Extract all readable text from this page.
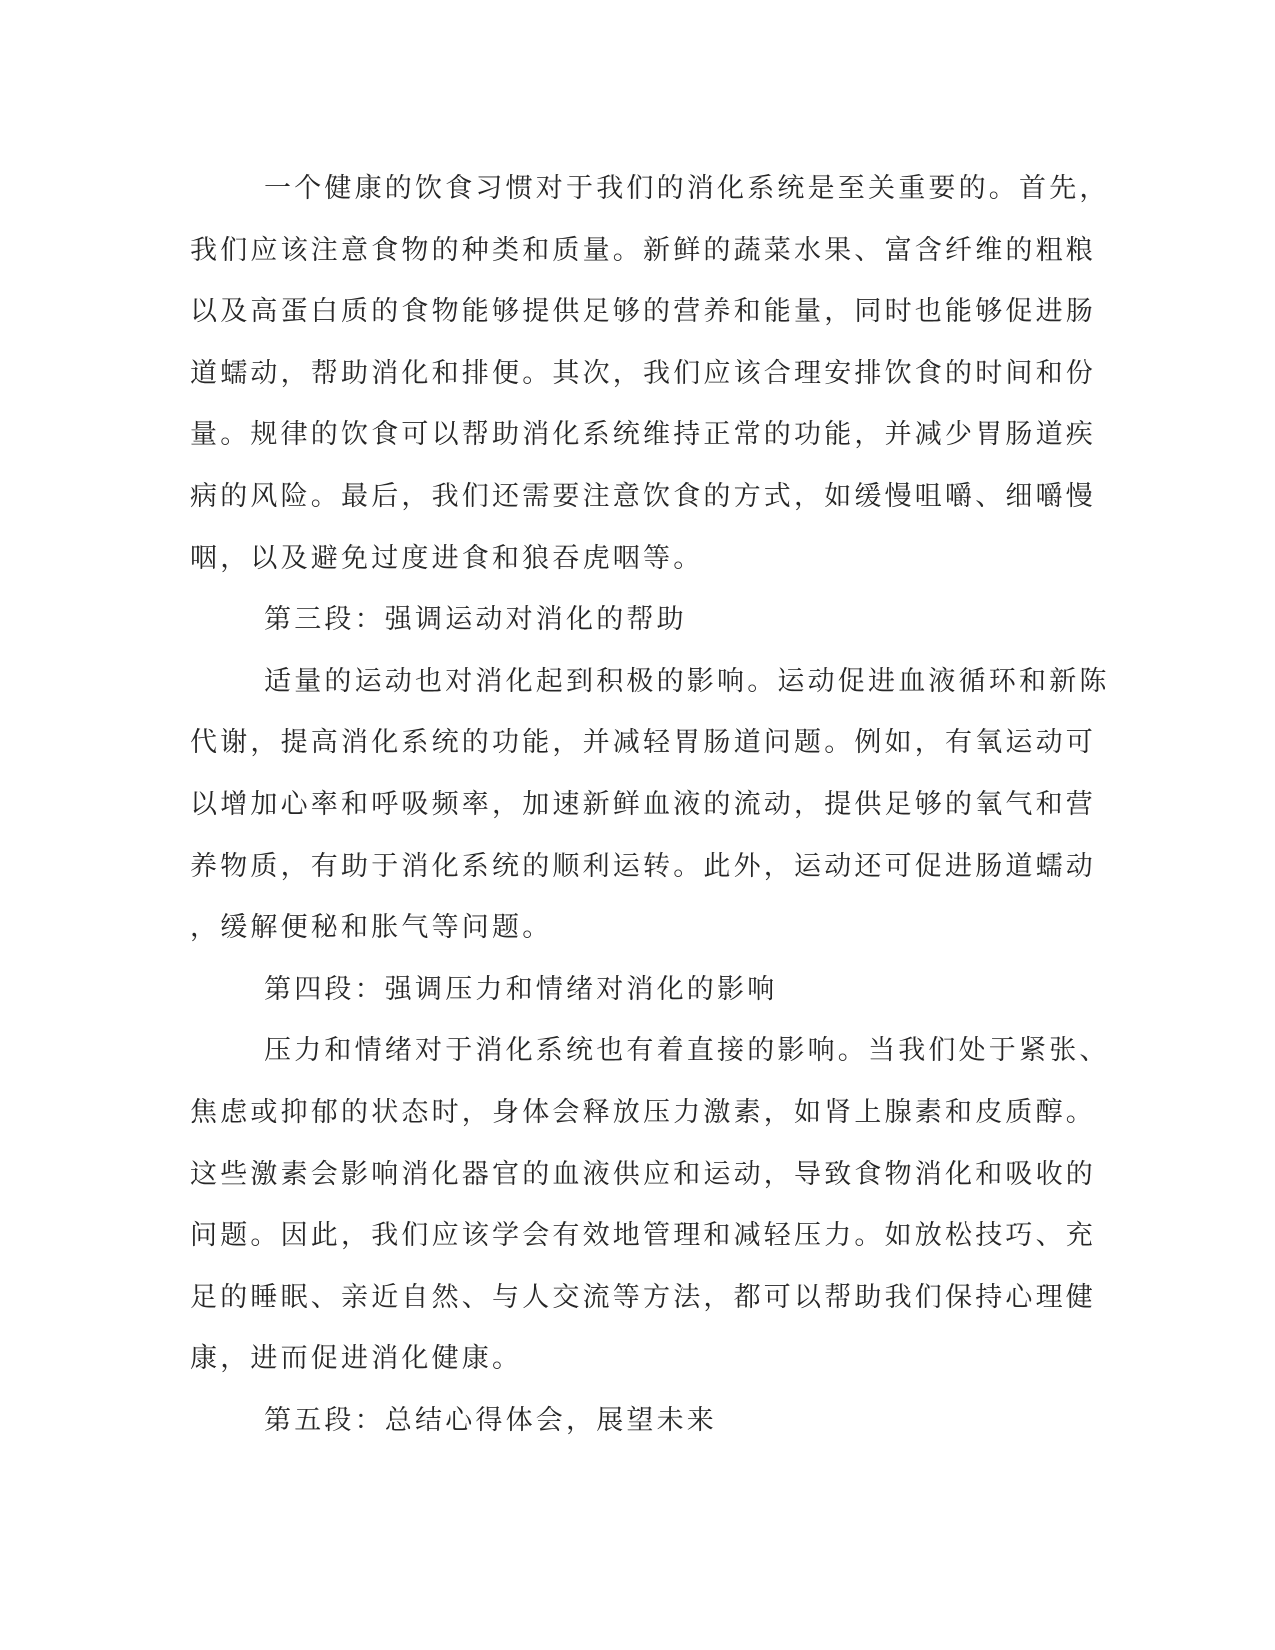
一个健康的饮食习惯对于我们的消化系统是至关重要的。首先，
我们应该注意食物的种类和质量。新鲜的蔬菜水果、富含纤维的粗粮
以及高蛋白质的食物能够提供足够的营养和能量，同时也能够促进肠
道蠕动，帮助消化和排便。其次，我们应该合理安排饮食的时间和份
量。规律的饮食可以帮助消化系统维持正常的功能，并减少胃肠道疾
病的风险。最后，我们还需要注意饮食的方式，如缓慢咀嚼、细嚼慢
咽，以及避免过度进食和狼吞虎咽等。
第三段：强调运动对消化的帮助
适量的运动也对消化起到积极的影响。运动促进血液循环和新陈
代谢，提高消化系统的功能，并减轻胃肠道问题。例如，有氧运动可
以增加心率和呼吸频率，加速新鲜血液的流动，提供足够的氧气和营
养物质，有助于消化系统的顺利运转。此外，运动还可促进肠道蠕动
，缓解便秘和胀气等问题。
第四段：强调压力和情绪对消化的影响
压力和情绪对于消化系统也有着直接的影响。当我们处于紧张、
焦虑或抑郁的状态时，身体会释放压力激素，如肾上腺素和皮质醇。
这些激素会影响消化器官的血液供应和运动，导致食物消化和吸收的
问题。因此，我们应该学会有效地管理和减轻压力。如放松技巧、充
足的睡眠、亲近自然、与人交流等方法，都可以帮助我们保持心理健
康，进而促进消化健康。
第五段：总结心得体会，展望未来
